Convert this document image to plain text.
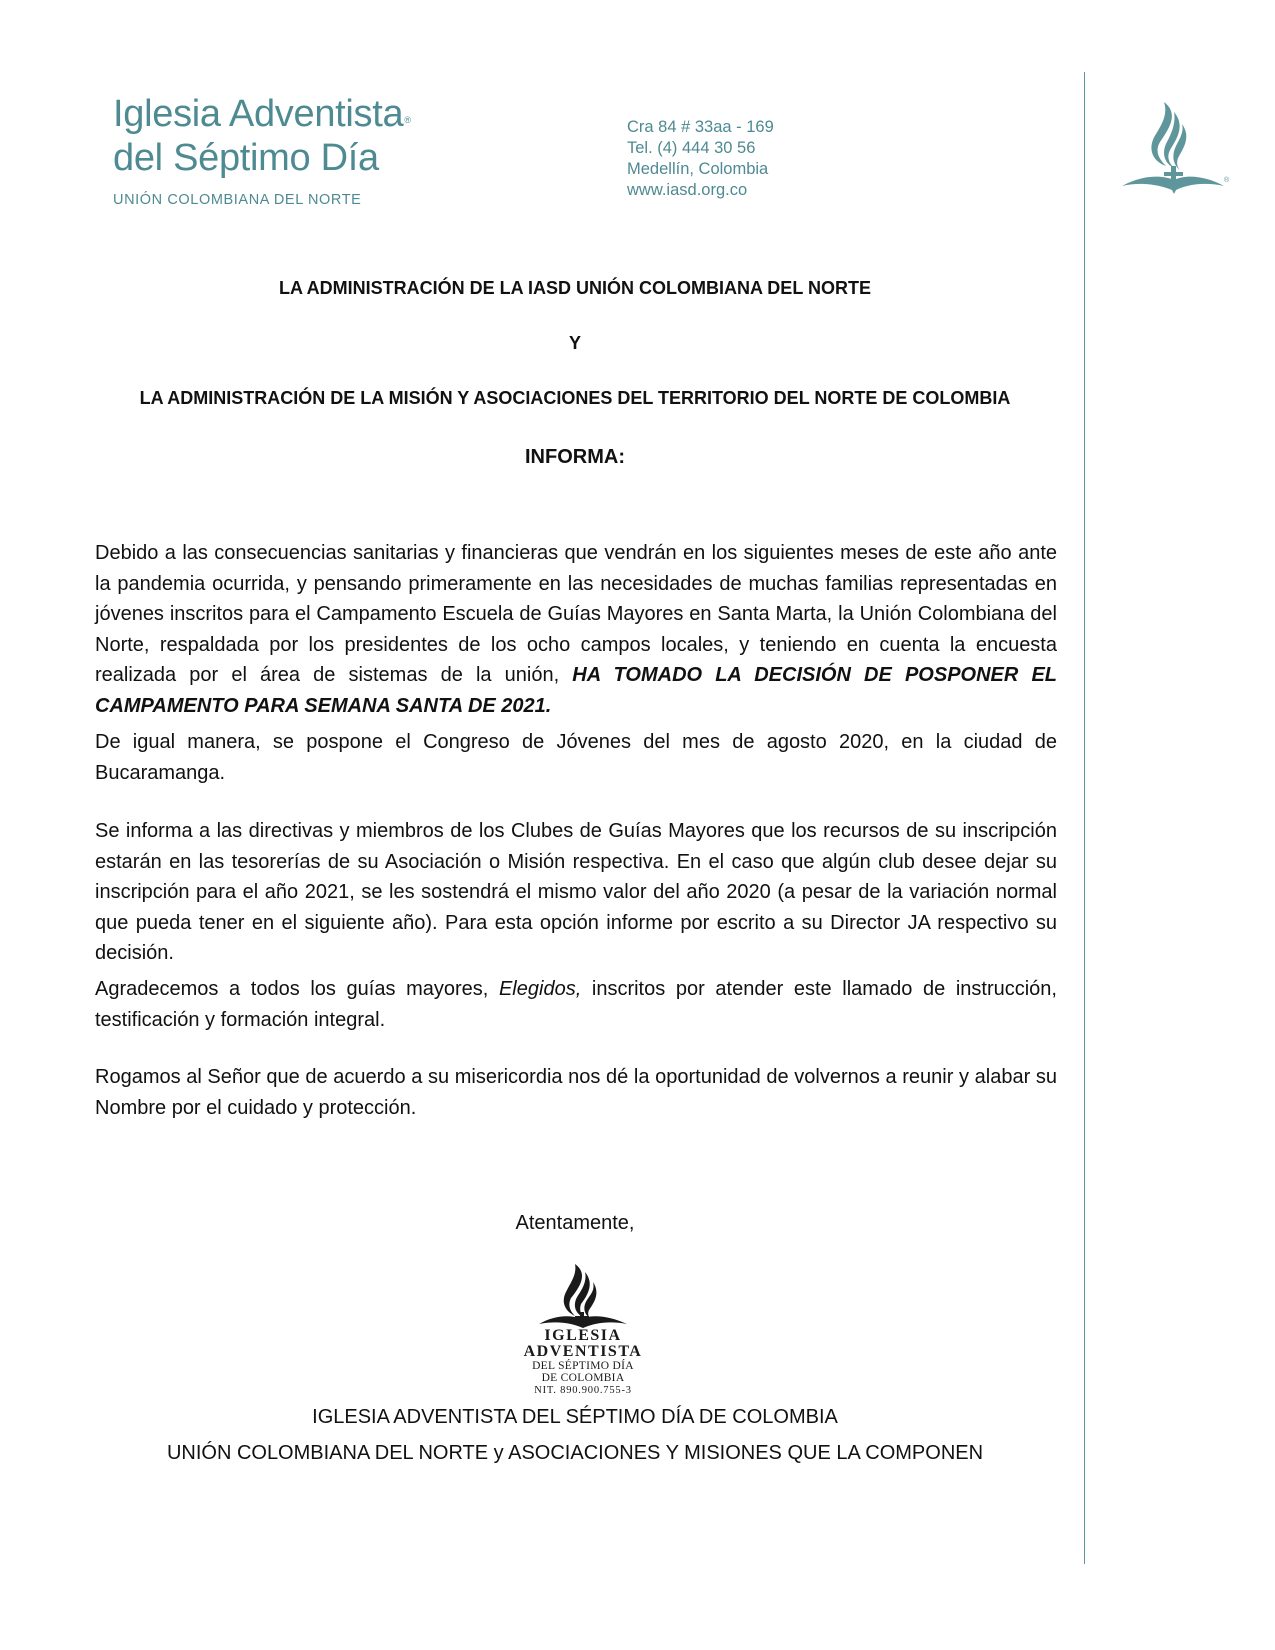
Iglesia Adventista®
del Séptimo Día
UNIÓN COLOMBIANA DEL NORTE
Cra 84 # 33aa - 169
Tel. (4) 444 30 56
Medellín, Colombia
www.iasd.org.co
®
LA ADMINISTRACIÓN DE LA IASD UNIÓN COLOMBIANA DEL NORTE
Y
LA ADMINISTRACIÓN DE LA MISIÓN Y ASOCIACIONES DEL TERRITORIO DEL NORTE DE COLOMBIA
INFORMA:

Debido a las consecuencias sanitarias y financieras que vendrán en los siguientes meses de este año ante la pandemia ocurrida, y pensando primeramente en las necesidades de muchas familias representadas en jóvenes inscritos para el Campamento Escuela de Guías Mayores en Santa Marta, la Unión Colombiana del Norte, respaldada por los presidentes de los ocho campos locales, y teniendo en cuenta la encuesta realizada por el área de sistemas de la unión, HA TOMADO LA DECISIÓN DE POSPONER EL CAMPAMENTO PARA SEMANA SANTA DE 2021.

De igual manera, se pospone el Congreso de Jóvenes del mes de agosto 2020, en la ciudad de Bucaramanga.

Se informa a las directivas y miembros de los Clubes de Guías Mayores que los recursos de su inscripción estarán en las tesorerías de su Asociación o Misión respectiva. En el caso que algún club desee dejar su inscripción para el año 2021, se les sostendrá el mismo valor del año 2020 (a pesar de la variación normal que pueda tener en el siguiente año). Para esta opción informe por escrito a su Director JA respectivo su decisión.

Agradecemos a todos los guías mayores, Elegidos, inscritos por atender este llamado de instrucción, testificación y formación integral.

Rogamos al Señor que de acuerdo a su misericordia nos dé la oportunidad de volvernos a reunir y alabar su Nombre por el cuidado y protección.

Atentamente,
IGLESIA
ADVENTISTA
DEL SÉPTIMO DÍA
DE COLOMBIA
NIT. 890.900.755-3
IGLESIA ADVENTISTA DEL SÉPTIMO DÍA DE COLOMBIA
UNIÓN COLOMBIANA DEL NORTE y ASOCIACIONES Y MISIONES QUE LA COMPONEN
